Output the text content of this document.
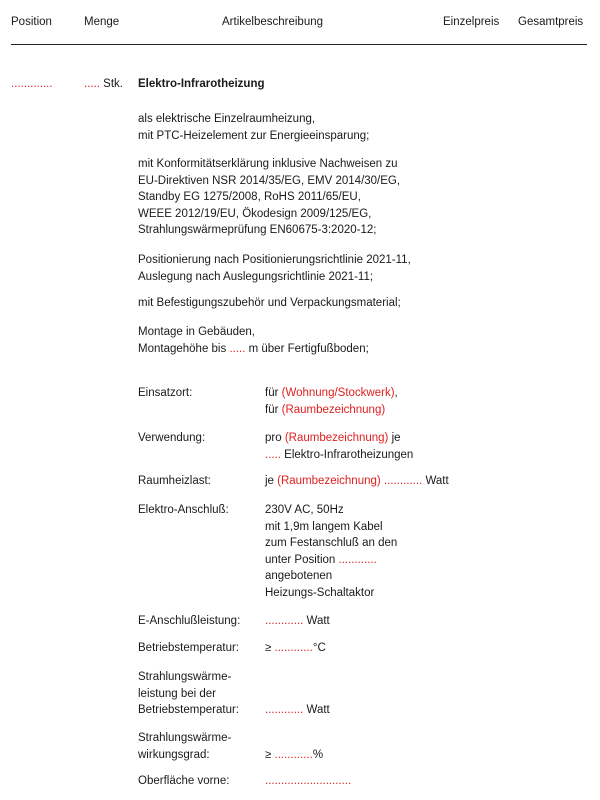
Position	Menge	Artikelbeschreibung	Einzelpreis Gesamtpreis
.............	..... Stk. Elektro-Infrarotheizung
als elektrische Einzelraumheizung,
mit PTC-Heizelement zur Energieeinsparung;
mit Konformitätserklärung inklusive Nachweisen zu
EU-Direktiven NSR 2014/35/EG, EMV 2014/30/EG,
Standby EG 1275/2008, RoHS 2011/65/EU,
WEEE 2012/19/EU, Ökodesign 2009/125/EG,
Strahlungswärmeprüfung EN60675-3:2020-12;
Positionierung nach Positionierungsrichtlinie 2021-11,
Auslegung nach Auslegungsrichtlinie 2021-11;
mit Befestigungszubehör und Verpackungsmaterial;
Montage in Gebäuden,
Montagehöhe bis ..... m über Fertigfußboden;
Einsatzort:	für (Wohnung/Stockwerk),
für (Raumbezeichnung)
Verwendung:	pro (Raumbezeichnung) je
..... Elektro-Infrarotheizungen
Raumheizlast:	je (Raumbezeichnung) ............ Watt
Elektro-Anschluß:	230V AC, 50Hz
mit 1,9m langem Kabel
zum Festanschluß an den
unter Position ............
angebotenen
Heizungs-Schaltaktor
E-Anschlußleistung:	............ Watt
Betriebstemperatur:	≥ ............°C
Strahlungswärme-
leistung bei der
Betriebstemperatur:	............ Watt
Strahlungswärme-
wirkungsgrad:	≥ ............%
Oberfläche vorne:	...........................
